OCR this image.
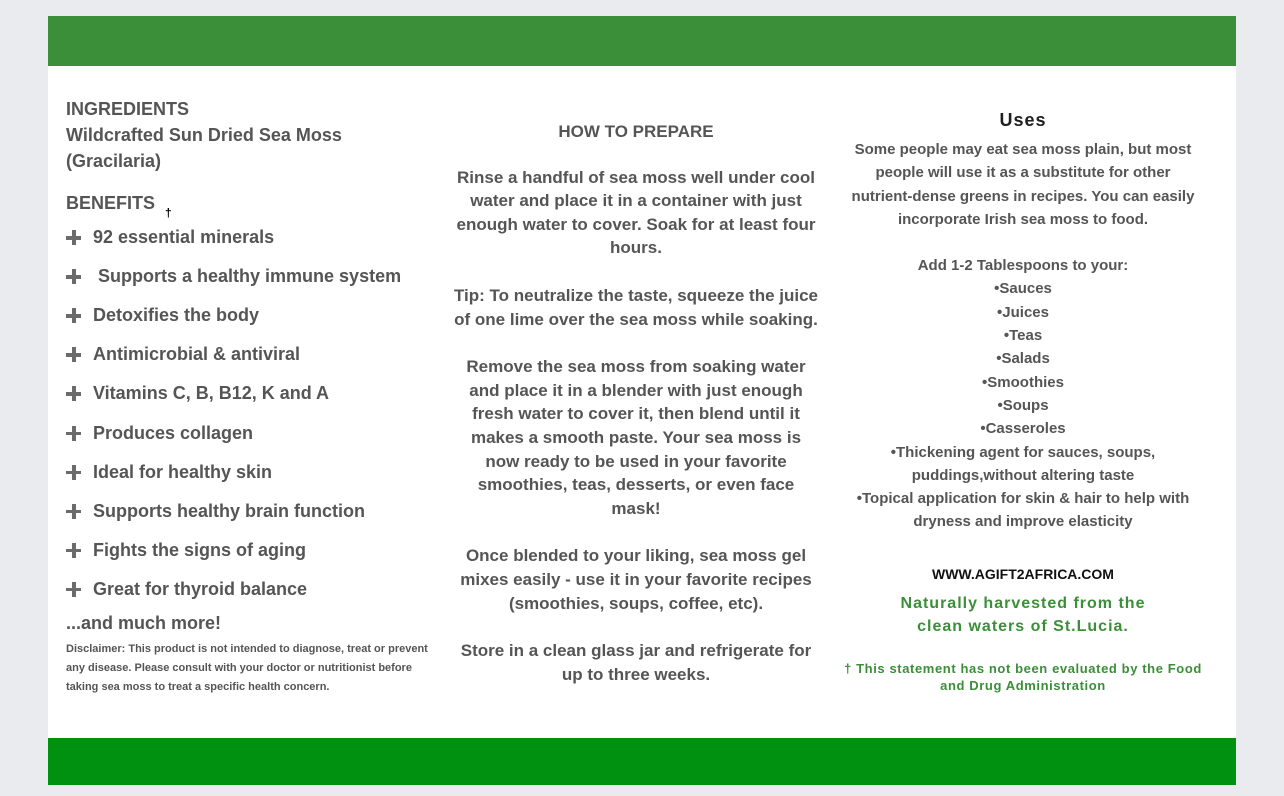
INGREDIENTS
Wildcrafted Sun Dried Sea Moss (Gracilaria)
BENEFITS †
92 essential minerals
Supports a healthy immune system
Detoxifies the body
Antimicrobial & antiviral
Vitamins C, B, B12, K and A
Produces collagen
Ideal for healthy skin
Supports healthy brain function
Fights the signs of aging
Great for thyroid balance
...and much more!
Disclaimer: This product is not intended to diagnose, treat or prevent any disease. Please consult with your doctor or nutritionist before taking sea moss to treat a specific health concern.
HOW TO PREPARE

Rinse a handful of sea moss well under cool water and place it in a container with just enough water to cover. Soak for at least four hours.

Tip: To neutralize the taste, squeeze the juice of one lime over the sea moss while soaking.

Remove the sea moss from soaking water and place it in a blender with just enough fresh water to cover it, then blend until it makes a smooth paste. Your sea moss is now ready to be used in your favorite smoothies, teas, desserts, or even face mask!

Once blended to your liking, sea moss gel mixes easily - use it in your favorite recipes (smoothies, soups, coffee, etc).

Store in a clean glass jar and refrigerate for up to three weeks.

Uses

Some people may eat sea moss plain, but most people will use it as a substitute for other nutrient-dense greens in recipes. You can easily incorporate Irish sea moss to food.

Add 1-2 Tablespoons to your:
•Sauces
•Juices
•Teas
•Salads
•Smoothies
•Soups
•Casseroles
•Thickening agent for sauces, soups, puddings,without altering taste
•Topical application for skin & hair to help with dryness and improve elasticity
WWW.AGIFT2AFRICA.COM
Naturally harvested from the clean waters of St.Lucia.
† This statement has not been evaluated by the Food and Drug Administration
